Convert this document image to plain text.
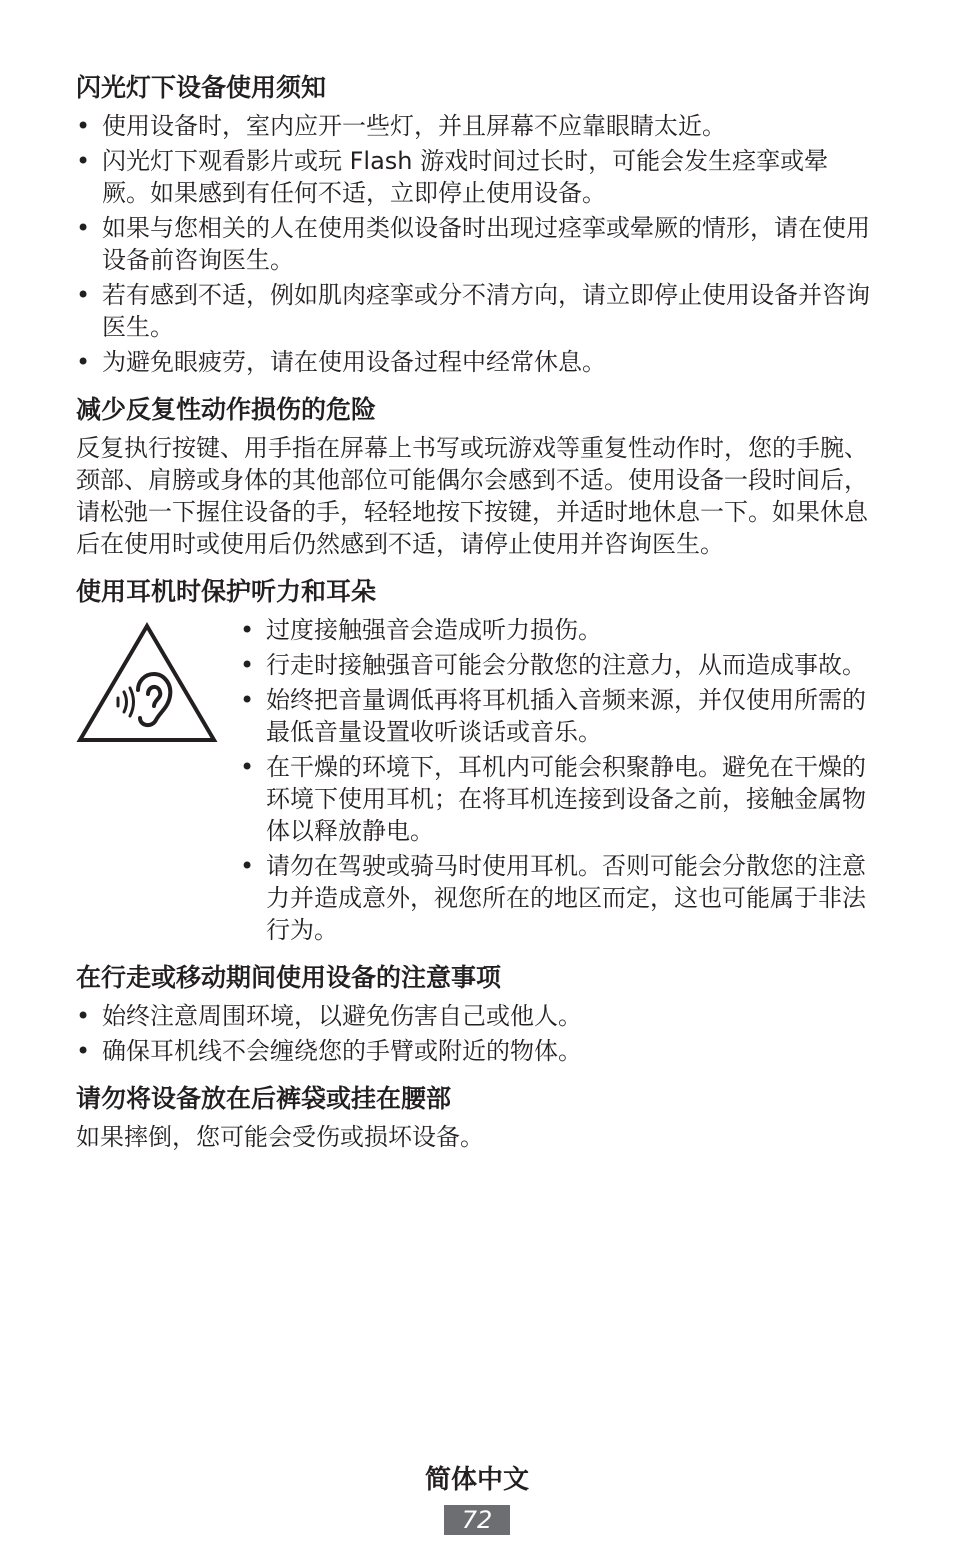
闪光灯下设备使用须知
• 使用设备时，室内应开一些灯，并且屏幕不应靠眼睛太近。
• 闪光灯下观看影片或玩 Flash 游戏时间过长时，可能会发生痉挛或晕厥。如果感到有任何不适，立即停止使用设备。
• 如果与您相关的人在使用类似设备时出现过痉挛或晕厥的情形，请在使用设备前咨询医生。
• 若有感到不适，例如肌肉痉挛或分不清方向，请立即停止使用设备并咨询医生。
• 为避免眼疲劳，请在使用设备过程中经常休息。
减少反复性动作损伤的危险

反复执行按键、用手指在屏幕上书写或玩游戏等重复性动作时，您的手腕、颈部、肩膀或身体的其他部位可能偶尔会感到不适。使用设备一段时间后，请松弛一下握住设备的手，轻轻地按下按键，并适时地休息一下。如果休息后在使用时或使用后仍然感到不适，请停止使用并咨询医生。

使用耳机时保护听力和耳朵
• 过度接触强音会造成听力损伤。
• 行走时接触强音可能会分散您的注意力，从而造成事故。
• 始终把音量调低再将耳机插入音频来源，并仅使用所需的最低音量设置收听谈话或音乐。
• 在干燥的环境下，耳机内可能会积聚静电。避免在干燥的环境下使用耳机；在将耳机连接到设备之前，接触金属物体以释放静电。
• 请勿在驾驶或骑马时使用耳机。否则可能会分散您的注意力并造成意外，视您所在的地区而定，这也可能属于非法行为。
在行走或移动期间使用设备的注意事项
• 始终注意周围环境，以避免伤害自己或他人。
• 确保耳机线不会缠绕您的手臂或附近的物体。
请勿将设备放在后裤袋或挂在腰部

如果摔倒，您可能会受伤或损坏设备。

简体中文
72
